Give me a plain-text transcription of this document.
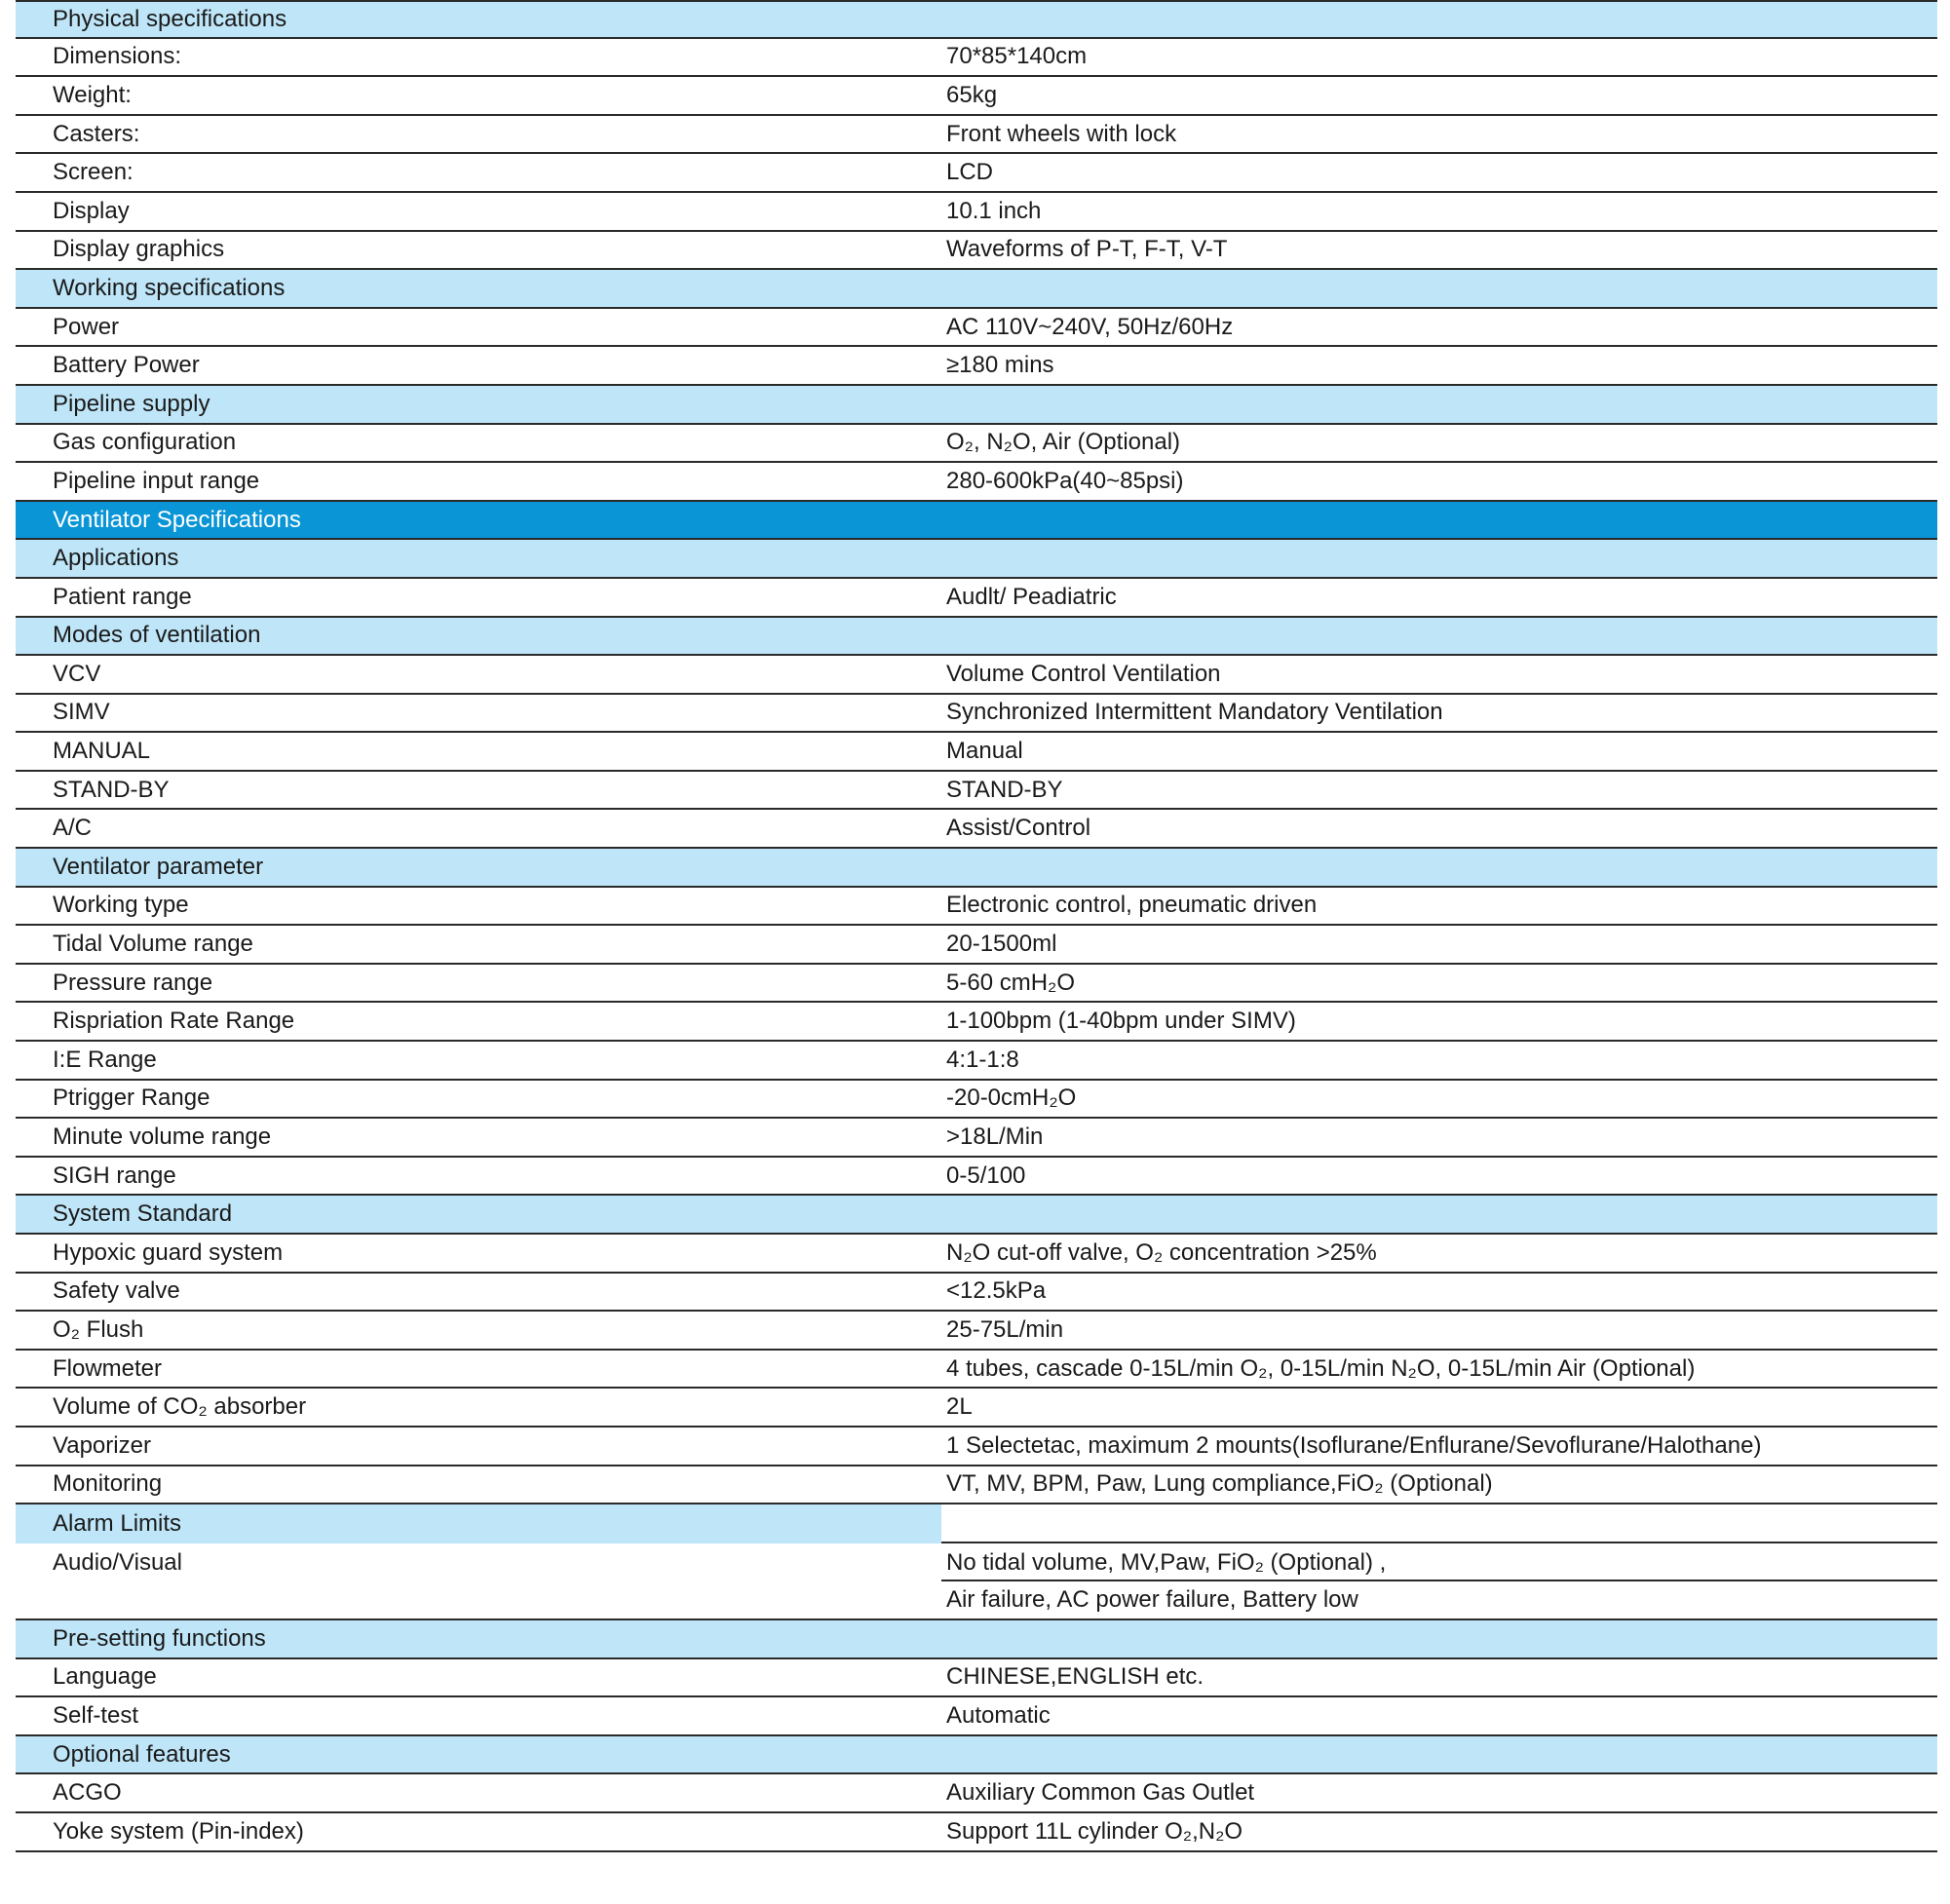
Physical specifications
Dimensions:	70*85*140cm
Weight:	65kg
Casters:	Front wheels with lock
Screen:	LCD
Display	10.1 inch
Display graphics	Waveforms of P-T, F-T, V-T
Working specifications
Power	AC 110V~240V, 50Hz/60Hz
Battery Power	≥180 mins
Pipeline supply
Gas configuration	O₂, N₂O, Air (Optional)
Pipeline input range	280-600kPa(40~85psi)
Ventilator Specifications
Applications
Patient range	Audlt/ Peadiatric
Modes of ventilation
VCV	Volume Control Ventilation
SIMV	Synchronized Intermittent Mandatory Ventilation
MANUAL	Manual
STAND-BY	STAND-BY
A/C	Assist/Control
Ventilator parameter
Working type	Electronic control, pneumatic driven
Tidal Volume range	20-1500ml
Pressure range	5-60 cmH₂O
Rispriation Rate Range	1-100bpm (1-40bpm under SIMV)
I:E Range	4:1-1:8
Ptrigger Range	-20-0cmH₂O
Minute volume range	>18L/Min
SIGH range	0-5/100
System Standard
Hypoxic guard system	N₂O cut-off valve, O₂ concentration >25%
Safety valve	<12.5kPa
O₂ Flush	25-75L/min
Flowmeter	4 tubes, cascade 0-15L/min O₂, 0-15L/min N₂O, 0-15L/min Air (Optional)
Volume of CO₂ absorber	2L
Vaporizer	1 Selectetac, maximum 2 mounts(Isoflurane/Enflurane/Sevoflurane/Halothane)
Monitoring	VT, MV, BPM, Paw, Lung compliance,FiO₂ (Optional)
Alarm Limits
Audio/Visual	No tidal volume, MV,Paw, FiO₂ (Optional) ,
Air failure, AC power failure, Battery low
Pre-setting functions
Language	CHINESE,ENGLISH etc.
Self-test	Automatic
Optional features
ACGO	Auxiliary Common Gas Outlet
Yoke system (Pin-index)	Support 11L cylinder O₂,N₂O
